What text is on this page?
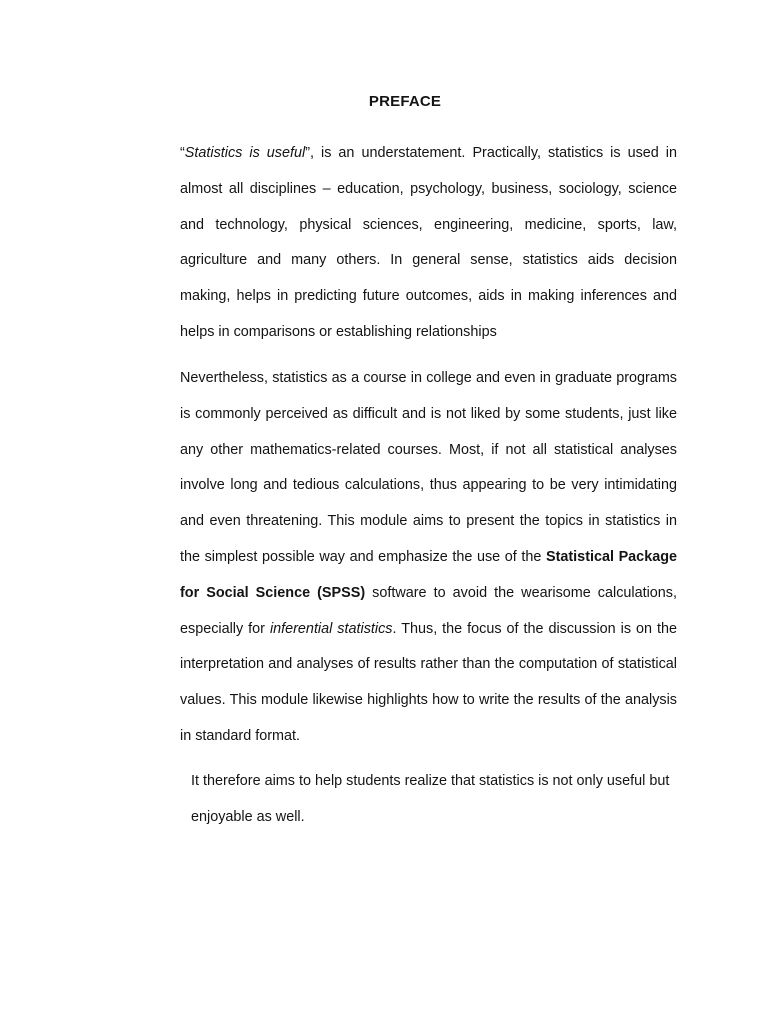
PREFACE

“Statistics is useful”, is an understatement. Practically, statistics is used in almost all disciplines – education, psychology, business, sociology, science and technology, physical sciences, engineering, medicine, sports, law, agriculture and many others. In general sense, statistics aids decision making, helps in predicting future outcomes, aids in making inferences and helps in comparisons or establishing relationships

Nevertheless, statistics as a course in college and even in graduate programs is commonly perceived as difficult and is not liked by some students, just like any other mathematics-related courses. Most, if not all statistical analyses involve long and tedious calculations, thus appearing to be very intimidating and even threatening. This module aims to present the topics in statistics in the simplest possible way and emphasize the use of the Statistical Package for Social Science (SPSS) software to avoid the wearisome calculations, especially for inferential statistics. Thus, the focus of the discussion is on the interpretation and analyses of results rather than the computation of statistical values. This module likewise highlights how to write the results of the analysis in standard format.

It therefore aims to help students realize that statistics is not only useful but enjoyable as well.
